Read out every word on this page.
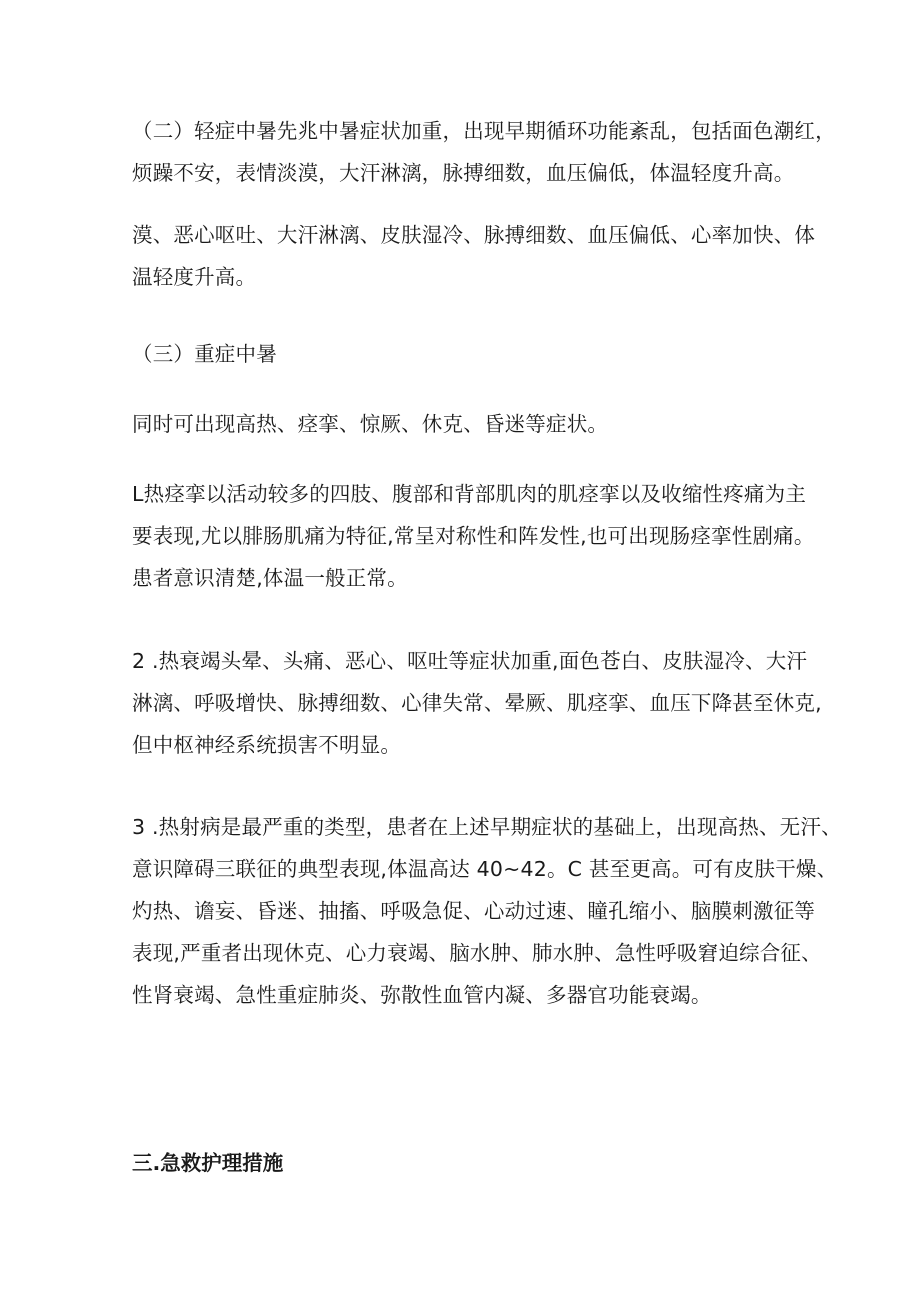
（二）轻症中暑先兆中暑症状加重，出现早期循环功能紊乱，包括面色潮红，
烦躁不安，表情淡漠，大汗淋漓，脉搏细数，血压偏低，体温轻度升高。
漠、恶心呕吐、大汗淋漓、皮肤湿冷、脉搏细数、血压偏低、心率加快、体
温轻度升高。
（三）重症中暑
同时可出现高热、痉挛、惊厥、休克、昏迷等症状。
L热痉挛以活动较多的四肢、腹部和背部肌肉的肌痉挛以及收缩性疼痛为主
要表现,尤以腓肠肌痛为特征,常呈对称性和阵发性,也可出现肠痉挛性剧痛。
患者意识清楚,体温一般正常。
2 .热衰竭头晕、头痛、恶心、呕吐等症状加重,面色苍白、皮肤湿冷、大汗
淋漓、呼吸增快、脉搏细数、心律失常、晕厥、肌痉挛、血压下降甚至休克,
但中枢神经系统损害不明显。
3 .热射病是最严重的类型，患者在上述早期症状的基础上，出现高热、无汗、
意识障碍三联征的典型表现,体温高达 40~42。C 甚至更高。可有皮肤干燥、
灼热、谵妄、昏迷、抽搐、呼吸急促、心动过速、瞳孔缩小、脑膜刺激征等
表现,严重者出现休克、心力衰竭、脑水肿、肺水肿、急性呼吸窘迫综合征、
性肾衰竭、急性重症肺炎、弥散性血管内凝、多器官功能衰竭。
三.急救护理措施
